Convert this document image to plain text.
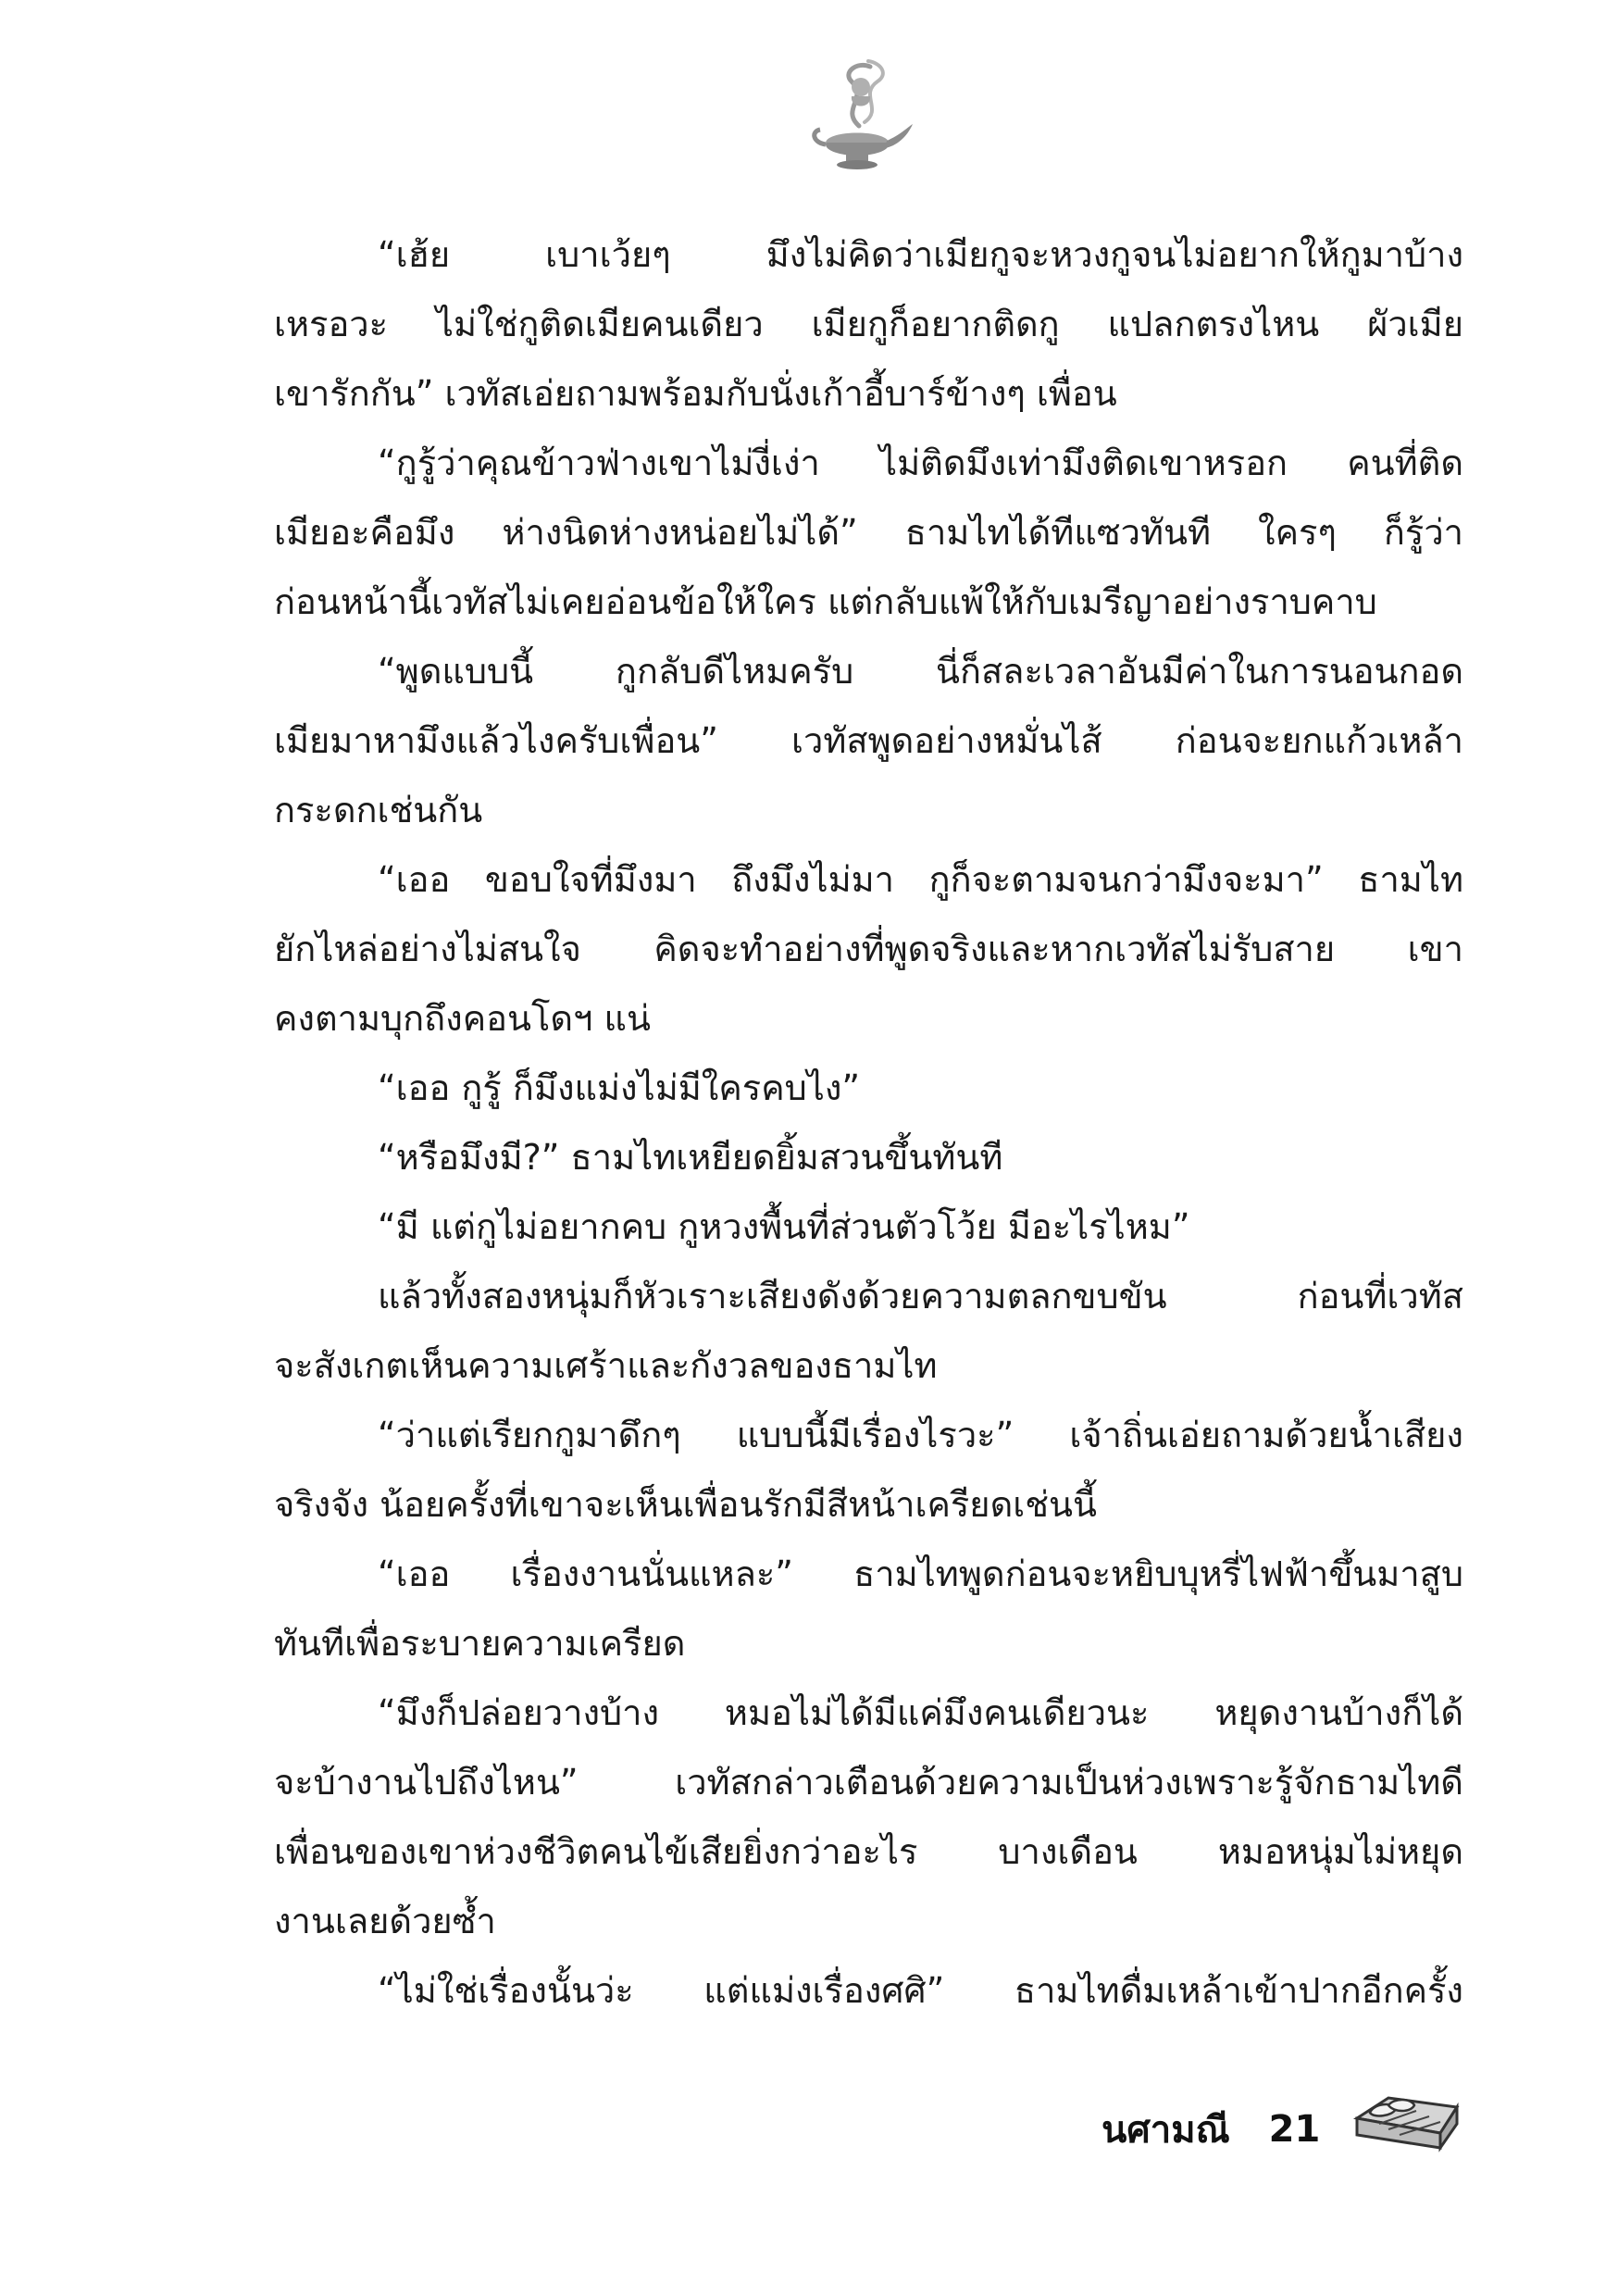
“เฮ้ย เบาเว้ยๆ มึงไม่คิดว่าเมียกูจะหวงกูจนไม่อยากให้กูมาบ้าง
เหรอวะ ไม่ใช่กูติดเมียคนเดียว เมียกูก็อยากติดกู แปลกตรงไหน ผัวเมีย
เขารักกัน” เวทัสเอ่ยถามพร้อมกับนั่งเก้าอี้บาร์ข้างๆ เพื่อน
“กูรู้ว่าคุณข้าวฟ่างเขาไม่งี่เง่า ไม่ติดมึงเท่ามึงติดเขาหรอก คนที่ติด
เมียอะคือมึง ห่างนิดห่างหน่อยไม่ได้” ธามไทได้ทีแซวทันที ใครๆ ก็รู้ว่า
ก่อนหน้านี้เวทัสไม่เคยอ่อนข้อให้ใคร แต่กลับแพ้ให้กับเมรีญาอย่างราบคาบ
“พูดแบบนี้ กูกลับดีไหมครับ นี่ก็สละเวลาอันมีค่าในการนอนกอด
เมียมาหามึงแล้วไงครับเพื่อน” เวทัสพูดอย่างหมั่นไส้ ก่อนจะยกแก้วเหล้า
กระดกเช่นกัน
“เออ ขอบใจที่มึงมา ถึงมึงไม่มา กูก็จะตามจนกว่ามึงจะมา” ธามไท
ยักไหล่อย่างไม่สนใจ คิดจะทำอย่างที่พูดจริงและหากเวทัสไม่รับสาย เขา
คงตามบุกถึงคอนโดฯ แน่
“เออ กูรู้ ก็มึงแม่งไม่มีใครคบไง”
“หรือมึงมี?” ธามไทเหยียดยิ้มสวนขึ้นทันที
“มี แต่กูไม่อยากคบ กูหวงพื้นที่ส่วนตัวโว้ย มีอะไรไหม”
แล้วทั้งสองหนุ่มก็หัวเราะเสียงดังด้วยความตลกขบขัน ก่อนที่เวทัส
จะสังเกตเห็นความเศร้าและกังวลของธามไท
“ว่าแต่เรียกกูมาดึกๆ แบบนี้มีเรื่องไรวะ” เจ้าถิ่นเอ่ยถามด้วยน้ำเสียง
จริงจัง น้อยครั้งที่เขาจะเห็นเพื่อนรักมีสีหน้าเครียดเช่นนี้
“เออ เรื่องงานนั่นแหละ” ธามไทพูดก่อนจะหยิบบุหรี่ไฟฟ้าขึ้นมาสูบ
ทันทีเพื่อระบายความเครียด
“มึงก็ปล่อยวางบ้าง หมอไม่ได้มีแค่มึงคนเดียวนะ หยุดงานบ้างก็ได้
จะบ้างานไปถึงไหน” เวทัสกล่าวเตือนด้วยความเป็นห่วงเพราะรู้จักธามไทดี
เพื่อนของเขาห่วงชีวิตคนไข้เสียยิ่งกว่าอะไร บางเดือน หมอหนุ่มไม่หยุด
งานเลยด้วยซ้ำ
“ไม่ใช่เรื่องนั้นว่ะ แต่แม่งเรื่องศศิ” ธามไทดื่มเหล้าเข้าปากอีกครั้ง
นศามณี 21
